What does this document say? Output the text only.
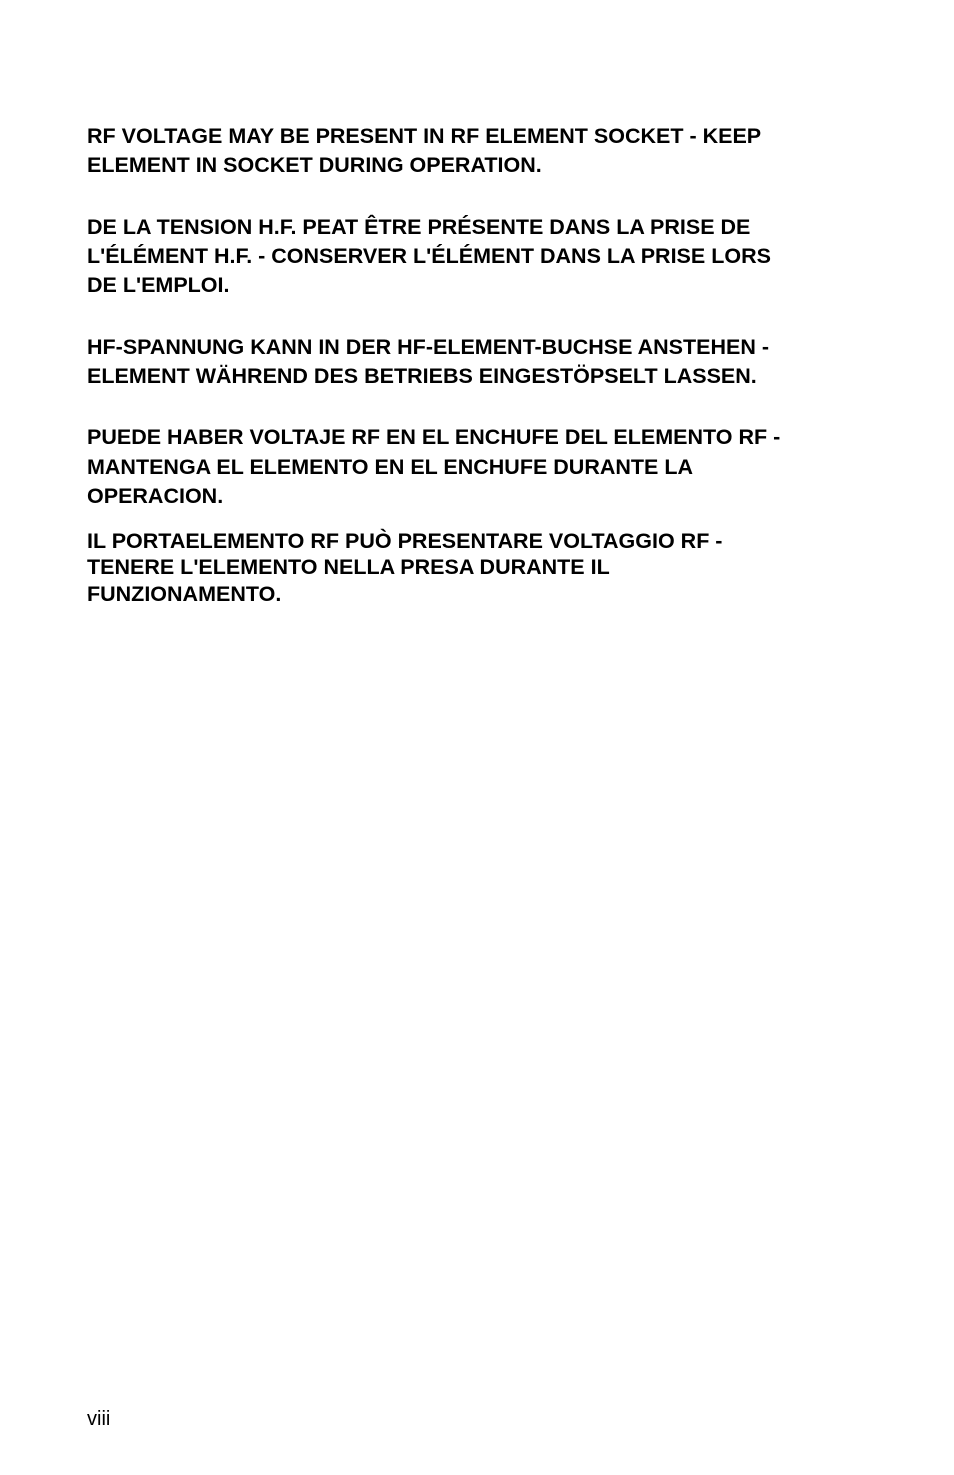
RF VOLTAGE MAY BE PRESENT IN RF ELEMENT SOCKET - KEEP
ELEMENT IN SOCKET DURING OPERATION.

DE LA TENSION H.F. PEAT ÊTRE PRÉSENTE DANS LA PRISE DE
L'ÉLÉMENT H.F. - CONSERVER L'ÉLÉMENT DANS LA PRISE LORS
DE L'EMPLOI.

HF-SPANNUNG KANN IN DER HF-ELEMENT-BUCHSE ANSTEHEN -
ELEMENT WÄHREND DES BETRIEBS EINGESTÖPSELT LASSEN.

PUEDE HABER VOLTAJE RF EN EL ENCHUFE DEL ELEMENTO RF -
MANTENGA EL ELEMENTO EN EL ENCHUFE DURANTE LA
OPERACION.

IL PORTAELEMENTO RF PUÒ PRESENTARE VOLTAGGIO RF -
TENERE L'ELEMENTO NELLA PRESA DURANTE IL
FUNZIONAMENTO.

viii
